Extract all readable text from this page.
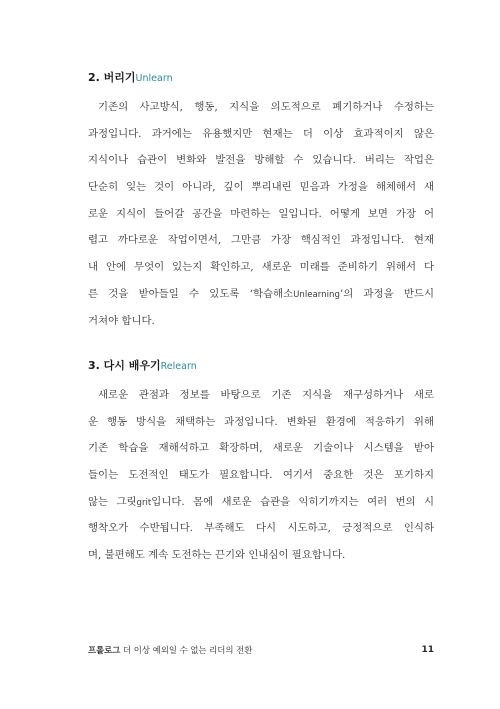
2. 버리기Unlearn
기존의 사고방식, 행동, 지식을 의도적으로 폐기하거나 수정하는
과정입니다. 과거에는 유용했지만 현재는 더 이상 효과적이지 않은
지식이나 습관이 변화와 발전을 방해할 수 있습니다. 버리는 작업은
단순히 잊는 것이 아니라, 깊이 뿌리내린 믿음과 가정을 해체해서 새
로운 지식이 들어갈 공간을 마련하는 일입니다. 어떻게 보면 가장 어
렵고 까다로운 작업이면서, 그만큼 가장 핵심적인 과정입니다. 현재
내 안에 무엇이 있는지 확인하고, 새로운 미래를 준비하기 위해서 다
른 것을 받아들일 수 있도록 ‘학습해소Unlearning’의 과정을 반드시
거쳐야 합니다.
3. 다시 배우기Relearn
새로운 관점과 정보를 바탕으로 기존 지식을 재구성하거나 새로
운 행동 방식을 채택하는 과정입니다. 변화된 환경에 적응하기 위해
기존 학습을 재해석하고 확장하며, 새로운 기술이나 시스템을 받아
들이는 도전적인 태도가 필요합니다. 여기서 중요한 것은 포기하지
않는 그릿grit입니다. 몸에 새로운 습관을 익히기까지는 여러 번의 시
행착오가 수반됩니다. 부족해도 다시 시도하고, 긍정적으로 인식하
며, 불편해도 계속 도전하는 끈기와 인내심이 필요합니다.
프롤로그 더 이상 예외일 수 없는 리더의 전환	11
